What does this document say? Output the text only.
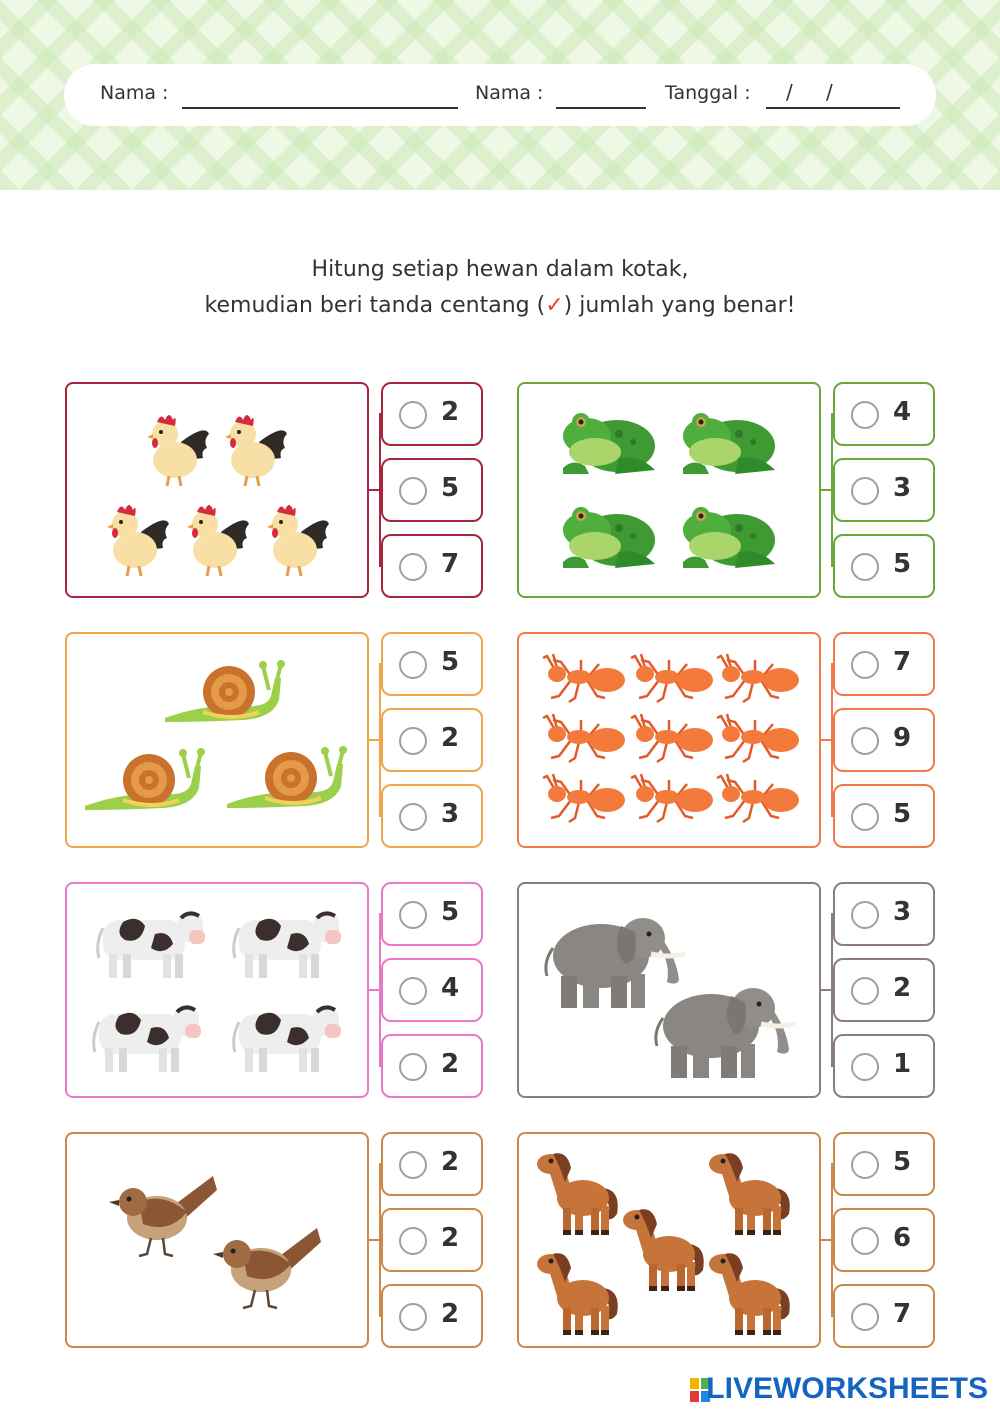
Nama :	Nama :	Tanggal : / /
Hitung setiap hewan dalam kotak,
kemudian beri tanda centang (✓) jumlah yang benar!
2
5
7
4
3
5
5
2
3
7
9
5
5
4
2
3
2
1
2
2
2
5
6
7
LIVEWORKSHEETS
